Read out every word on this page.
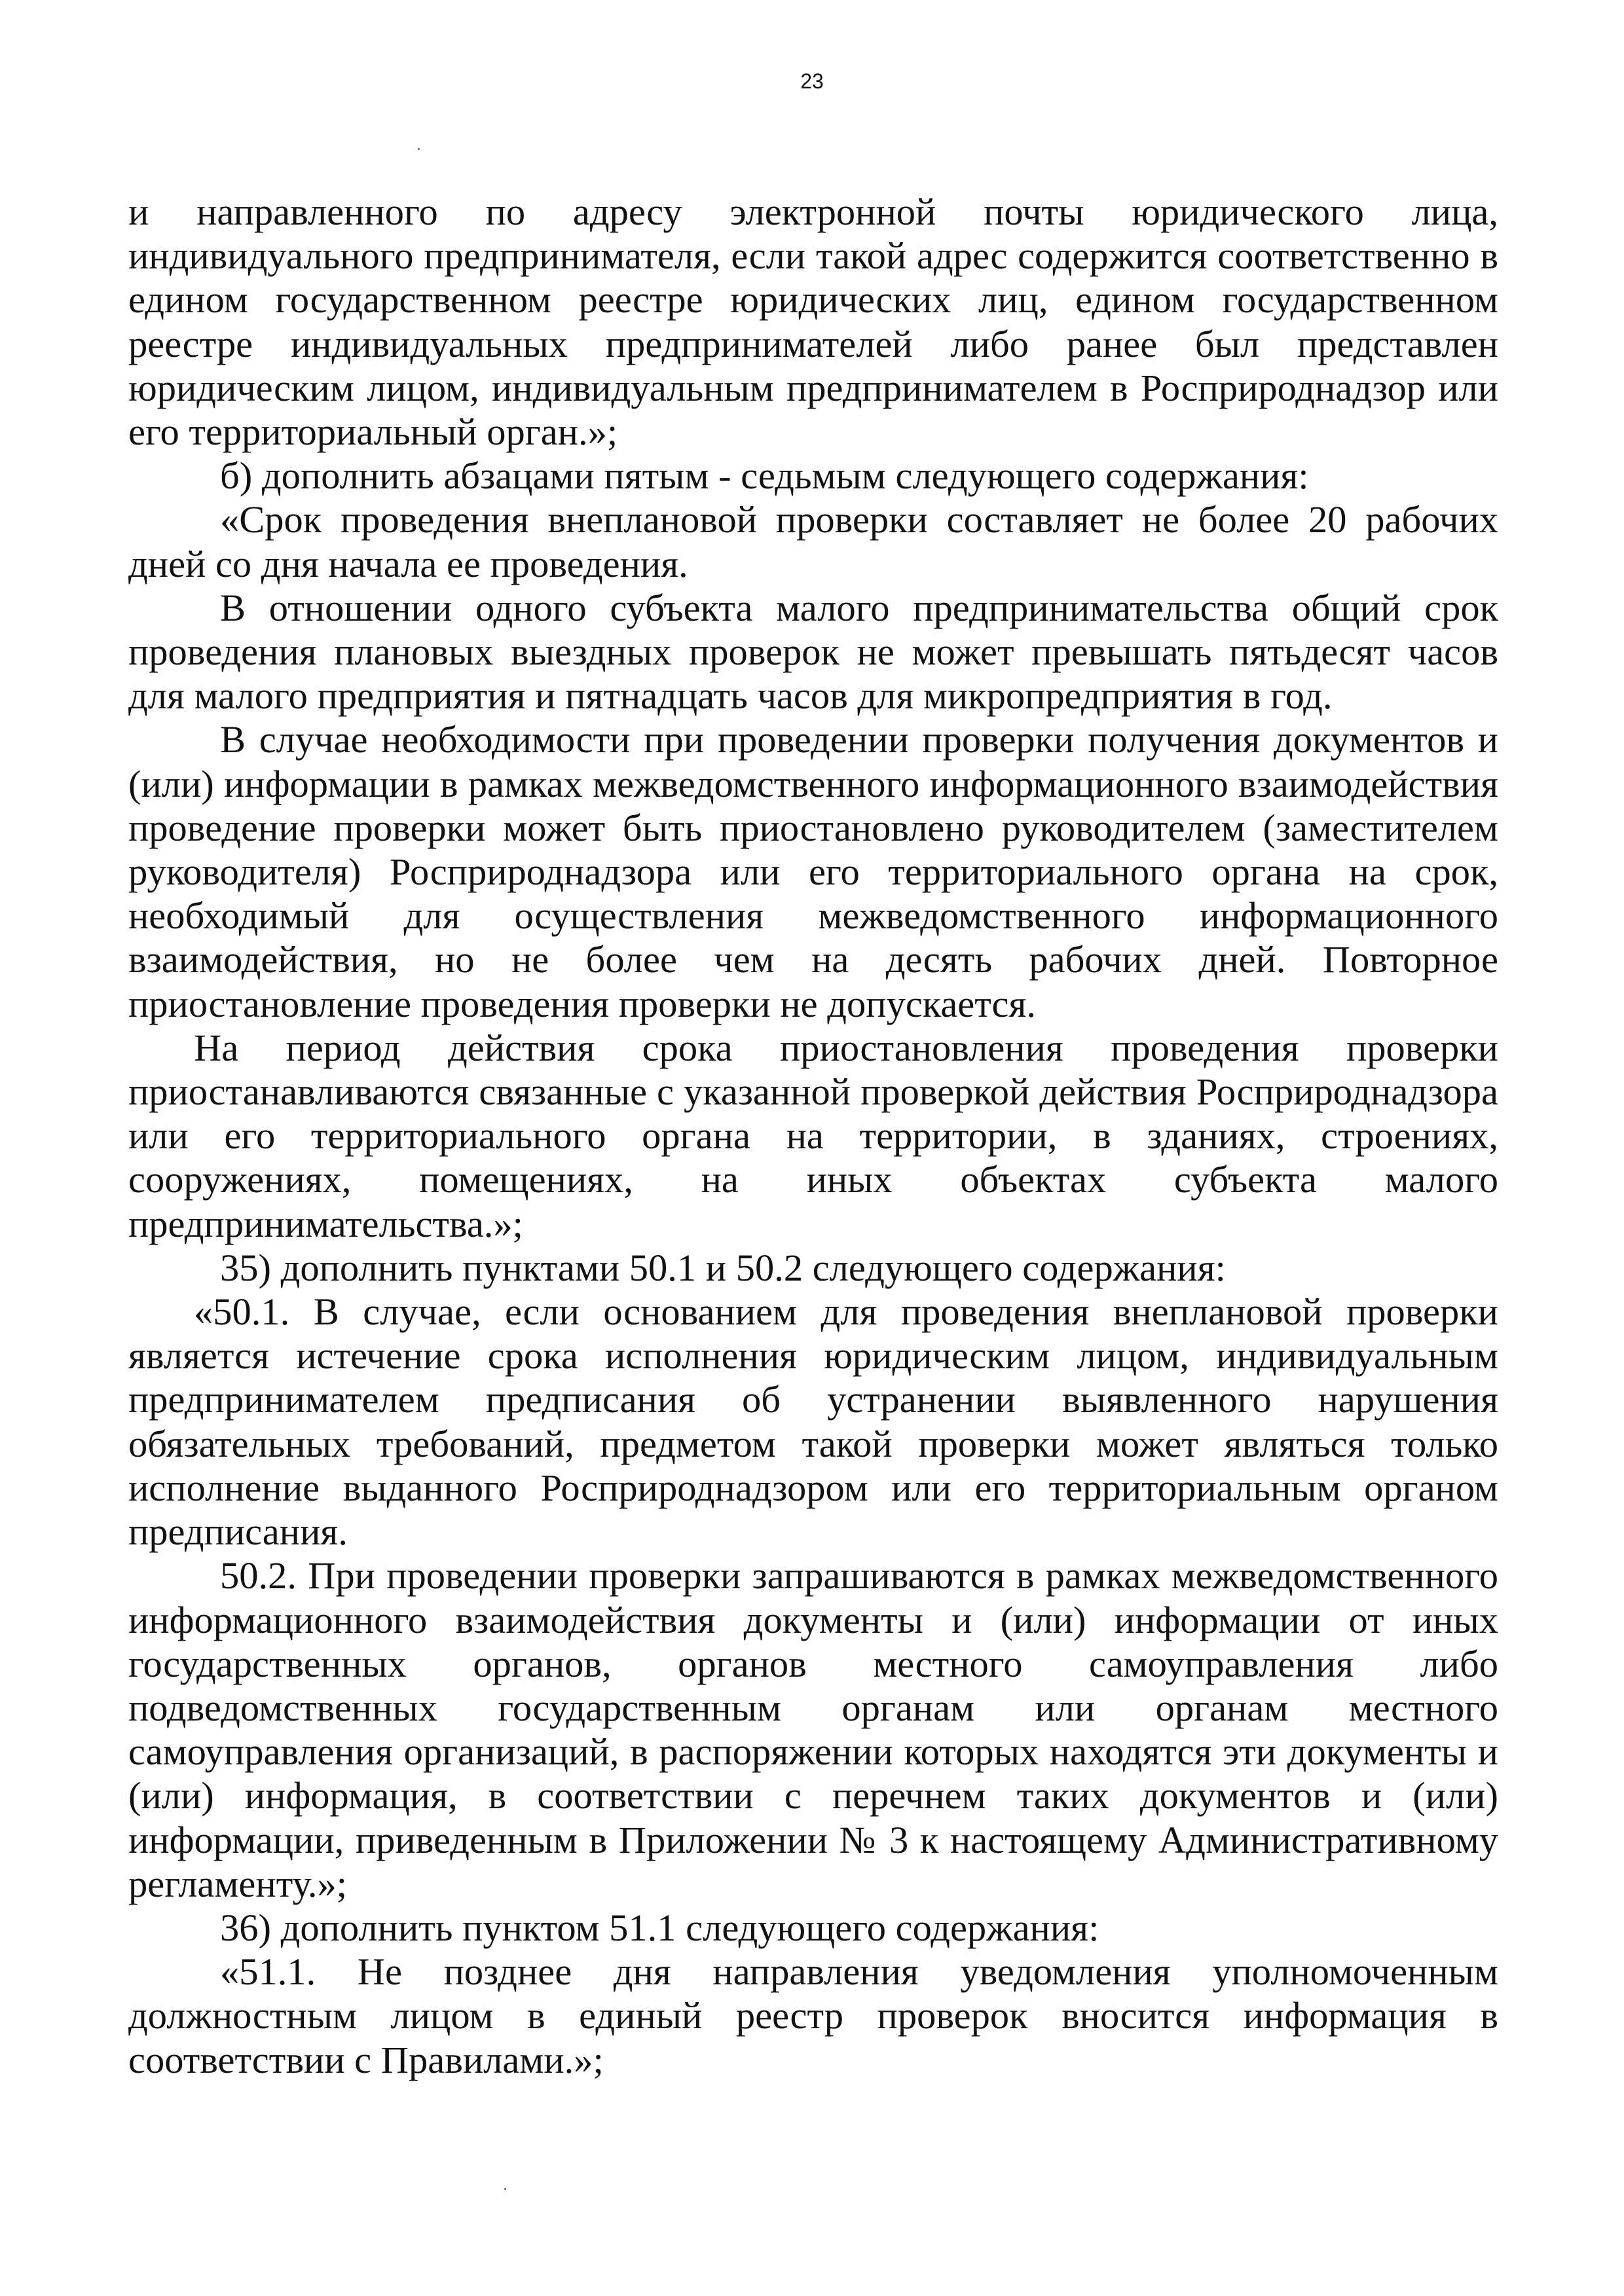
23

и направленного по адресу электронной почты юридического лица, индивидуального предпринимателя, если такой адрес содержится соответственно в едином государственном реестре юридических лиц, едином государственном реестре индивидуальных предпринимателей либо ранее был представлен юридическим лицом, индивидуальным предпринимателем в Росприроднадзор или его территориальный орган.»;

б) дополнить абзацами пятым - седьмым следующего содержания:

«Срок проведения внеплановой проверки составляет не более 20 рабочих дней со дня начала ее проведения.

В отношении одного субъекта малого предпринимательства общий срок проведения плановых выездных проверок не может превышать пятьдесят часов для малого предприятия и пятнадцать часов для микропредприятия в год.

В случае необходимости при проведении проверки получения документов и (или) информации в рамках межведомственного информационного взаимодействия проведение проверки может быть приостановлено руководителем (заместителем руководителя) Росприроднадзора или его территориального органа на срок, необходимый для осуществления межведомственного информационного взаимодействия, но не более чем на десять рабочих дней. Повторное приостановление проведения проверки не допускается.

На период действия срока приостановления проведения проверки приостанавливаются связанные с указанной проверкой действия Росприроднадзора или его территориального органа на территории, в зданиях, строениях, сооружениях, помещениях, на иных объектах субъекта малого предпринимательства.»;

35) дополнить пунктами 50.1 и 50.2 следующего содержания:

«50.1. В случае, если основанием для проведения внеплановой проверки является истечение срока исполнения юридическим лицом, индивидуальным предпринимателем предписания об устранении выявленного нарушения обязательных требований, предметом такой проверки может являться только исполнение выданного Росприроднадзором или его территориальным органом предписания.

50.2. При проведении проверки запрашиваются в рамках межведомственного информационного взаимодействия документы и (или) информации от иных государственных органов, органов местного самоуправления либо подведомственных государственным органам или органам местного самоуправления организаций, в распоряжении которых находятся эти документы и (или) информация, в соответствии с перечнем таких документов и (или) информации, приведенным в Приложении № 3 к настоящему Административному регламенту.»;

36) дополнить пунктом 51.1 следующего содержания:

«51.1. Не позднее дня направления уведомления уполномоченным должностным лицом в единый реестр проверок вносится информация в соответствии с Правилами.»;
